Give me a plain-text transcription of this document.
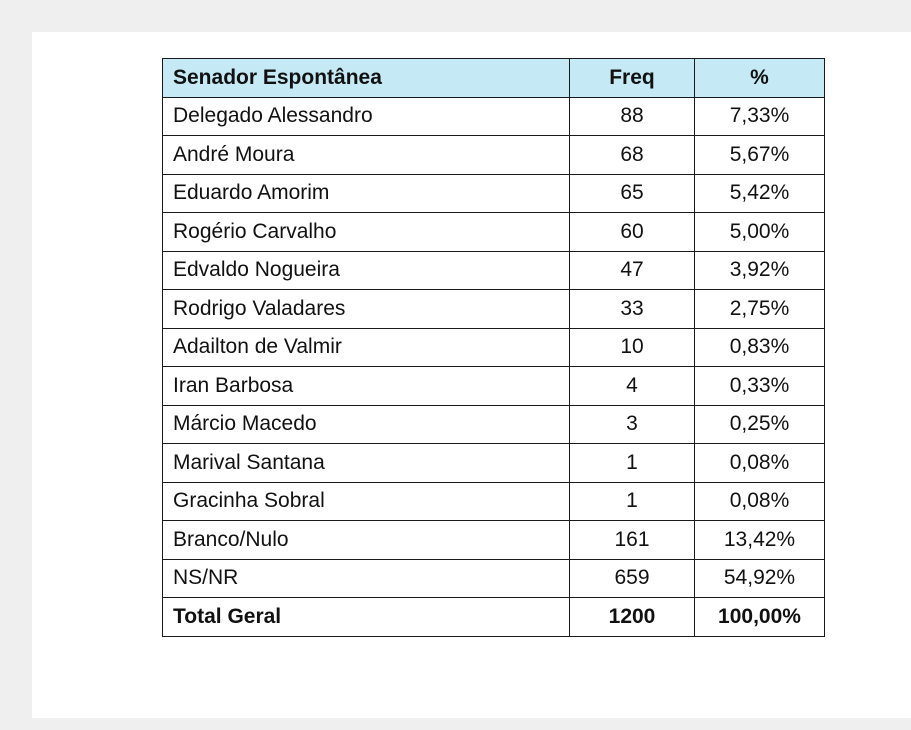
Senador Espontânea	Freq	%
Delegado Alessandro	88	7,33%
André Moura	68	5,67%
Eduardo Amorim	65	5,42%
Rogério Carvalho	60	5,00%
Edvaldo Nogueira	47	3,92%
Rodrigo Valadares	33	2,75%
Adailton de Valmir	10	0,83%
Iran Barbosa	4	0,33%
Márcio Macedo	3	0,25%
Marival Santana	1	0,08%
Gracinha Sobral	1	0,08%
Branco/Nulo	161	13,42%
NS/NR	659	54,92%
Total Geral	1200	100,00%
